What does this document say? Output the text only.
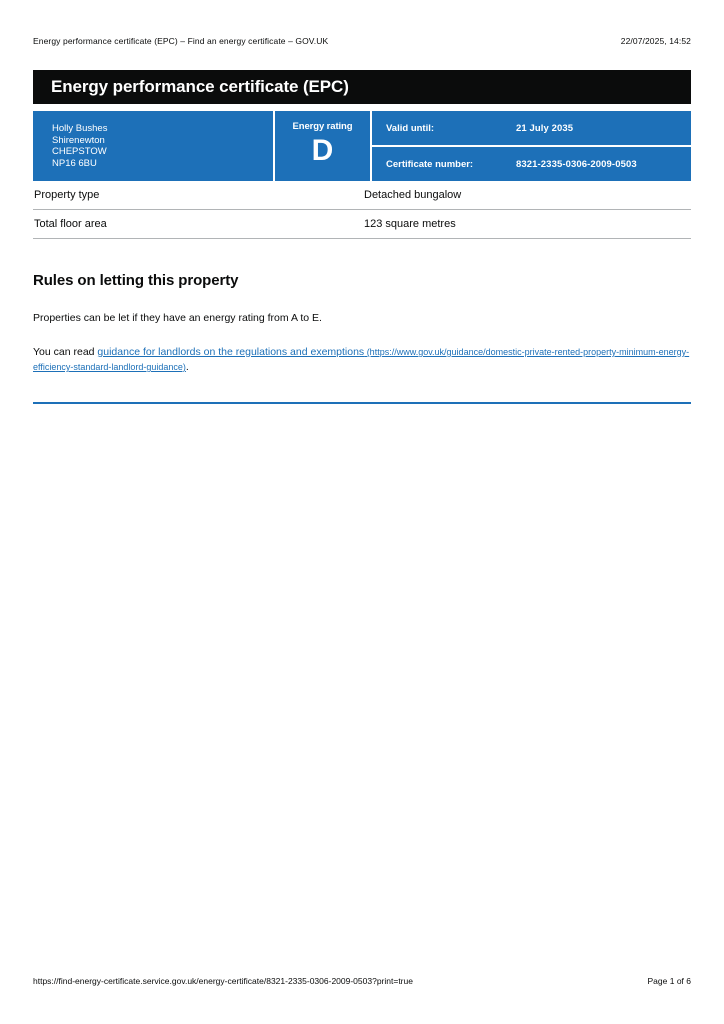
Energy performance certificate (EPC) – Find an energy certificate – GOV.UK	22/07/2025, 14:52
Energy performance certificate (EPC)
Holly Bushes
Shirenewton
CHEPSTOW
NP16 6BU
Energy rating
D
Valid until:	21 July 2035
Certificate number:	8321-2335-0306-2009-0503
Property type	Detached bungalow
Total floor area	123 square metres
Rules on letting this property

Properties can be let if they have an energy rating from A to E.

You can read guidance for landlords on the regulations and exemptions (https://www.gov.uk/guidance/domestic-private-rented-property-minimum-energy-efficiency-standard-landlord-guidance).

https://find-energy-certificate.service.gov.uk/energy-certificate/8321-2335-0306-2009-0503?print=true	Page 1 of 6
